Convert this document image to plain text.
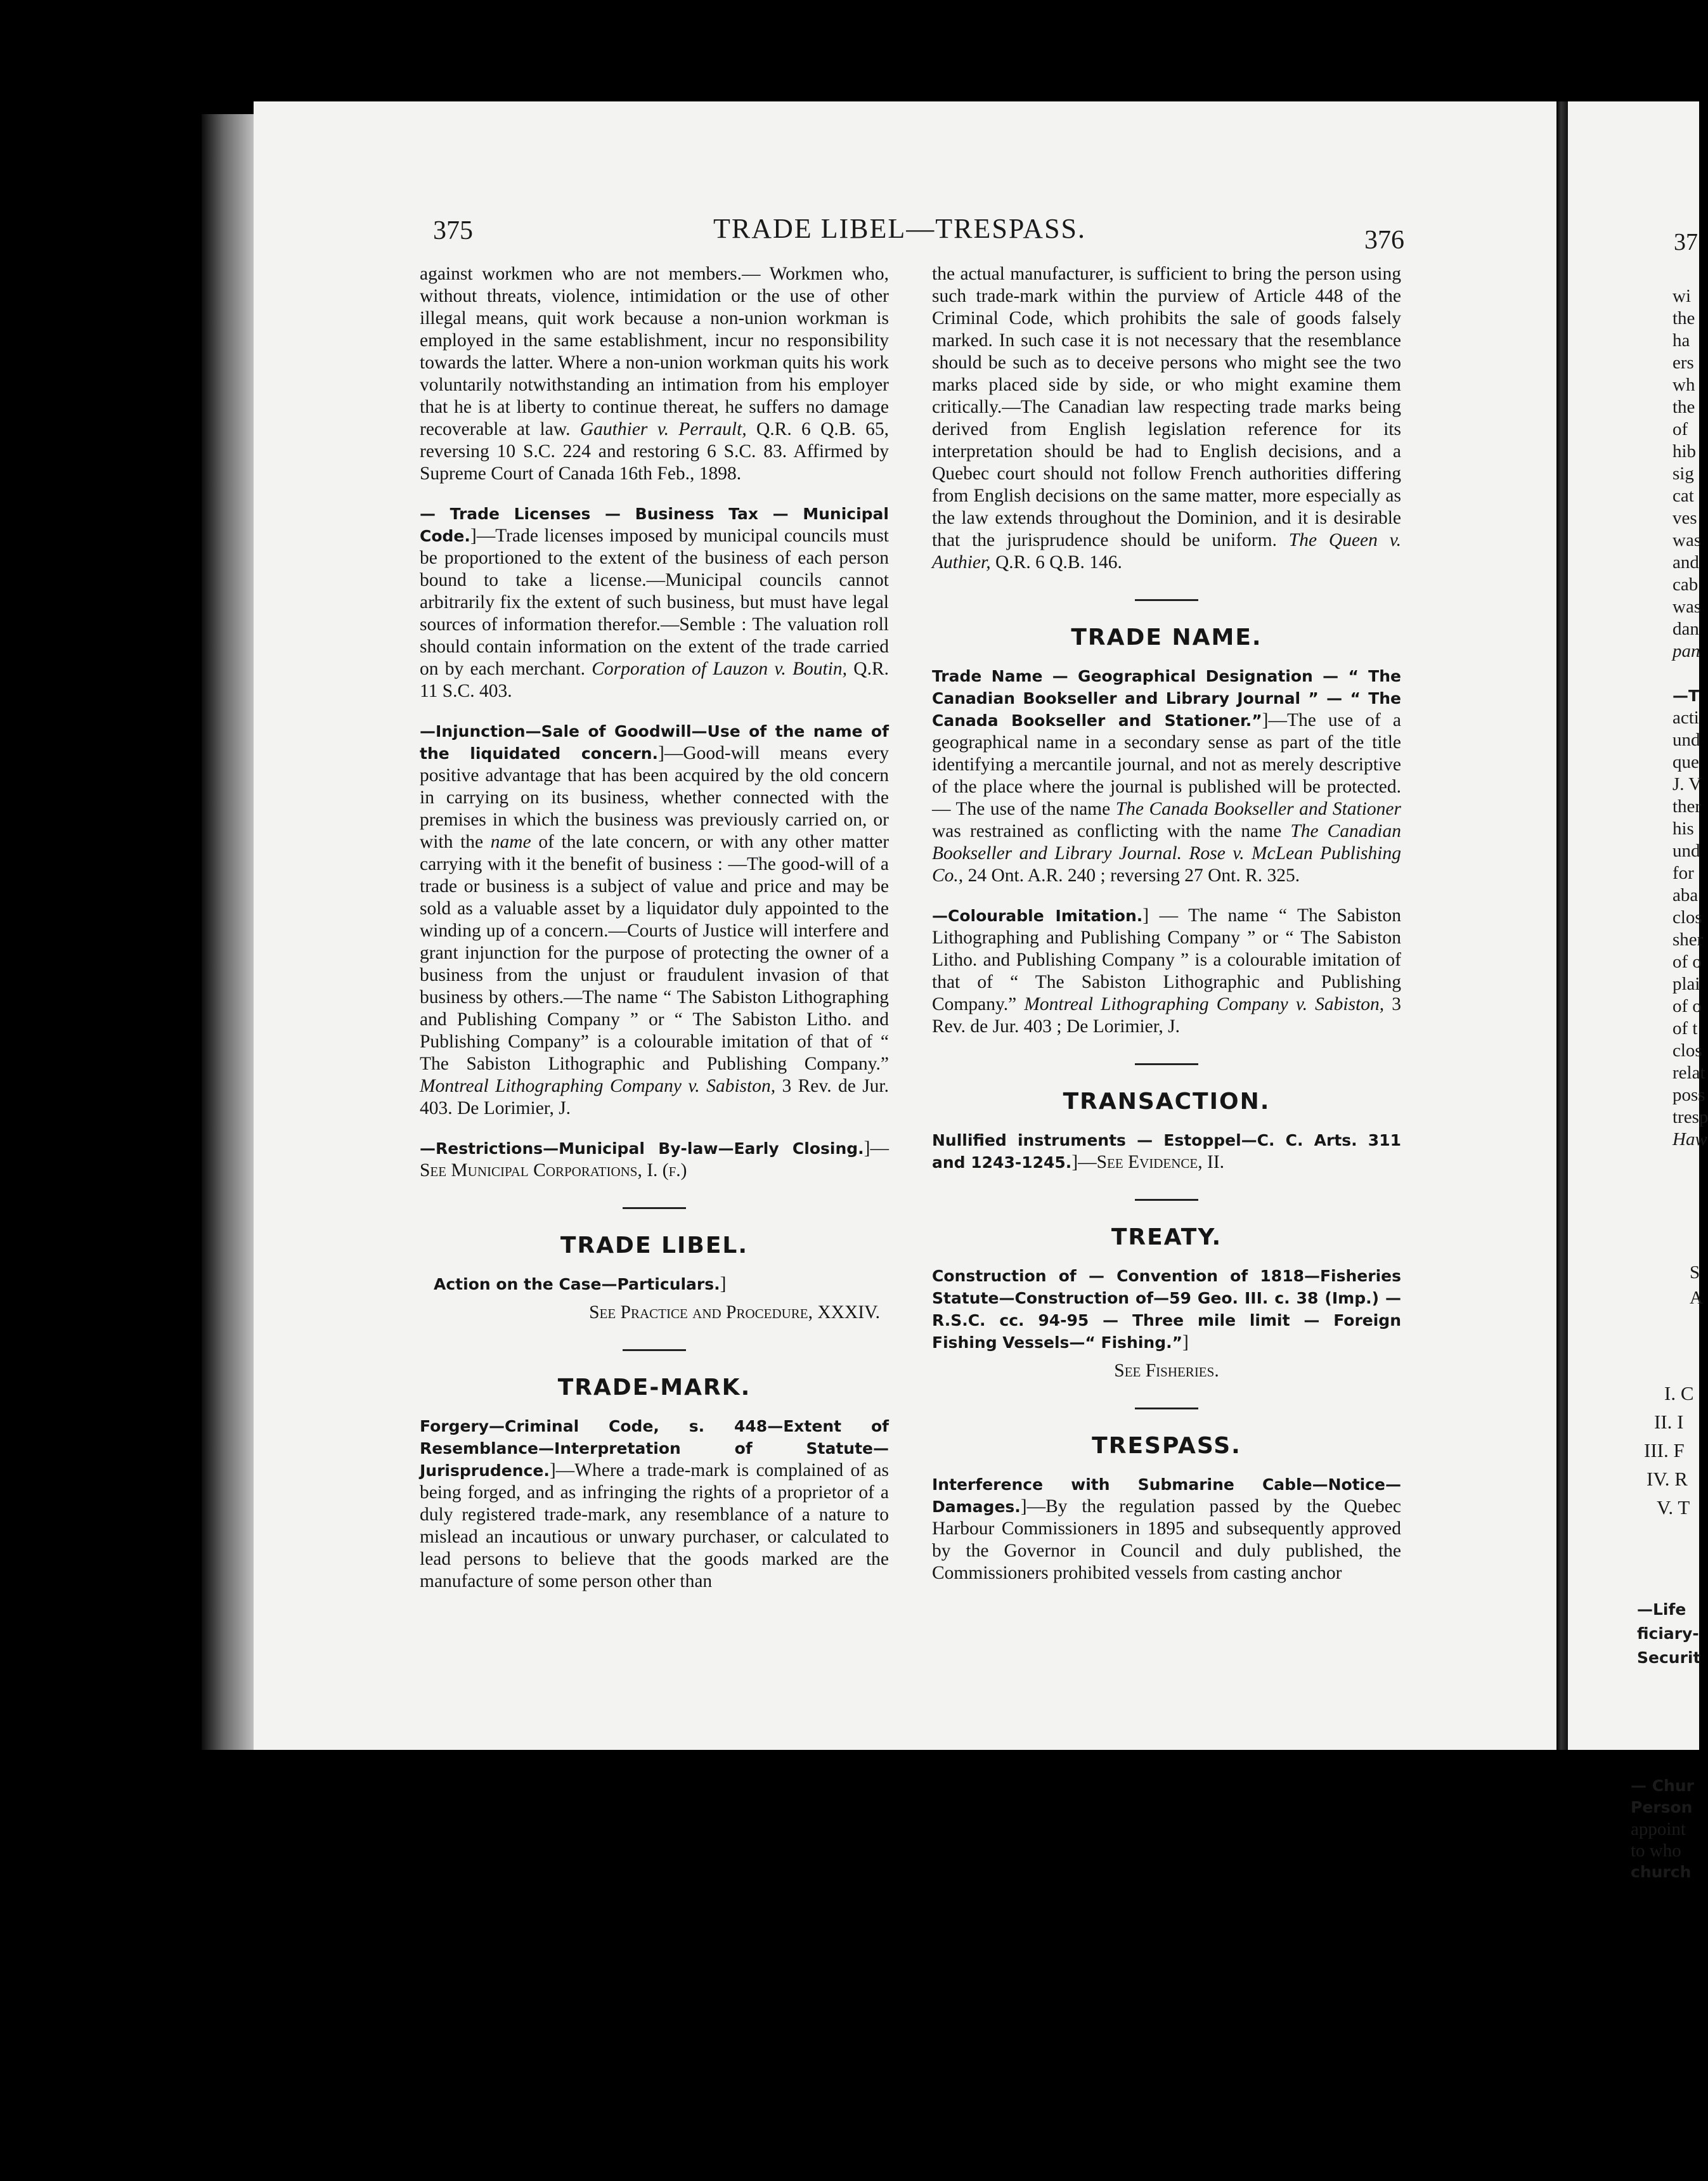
375	TRADE LIBEL—TRESPASS.	376	37

against workmen who are not members.— Workmen who, without threats, violence, intimidation or the use of other illegal means, quit work because a non-union workman is employed in the same establishment, incur no responsibility towards the latter. Where a non-union workman quits his work voluntarily notwithstanding an intimation from his employer that he is at liberty to continue thereat, he suffers no damage recoverable at law. Gauthier v. Perrault, Q.R. 6 Q.B. 65, reversing 10 S.C. 224 and restoring 6 S.C. 83. Affirmed by Supreme Court of Canada 16th Feb., 1898.

— Trade Licenses — Business Tax — Municipal Code.]—Trade licenses imposed by municipal councils must be proportioned to the extent of the business of each person bound to take a license.—Municipal councils cannot arbitrarily fix the extent of such business, but must have legal sources of information therefor.—Semble : The valuation roll should contain information on the extent of the trade carried on by each merchant. Corporation of Lauzon v. Boutin, Q.R. 11 S.C. 403.

—Injunction—Sale of Goodwill—Use of the name of the liquidated concern.]—Good-will means every positive advantage that has been acquired by the old concern in carrying on its business, whether connected with the premises in which the business was previously carried on, or with the name of the late concern, or with any other matter carrying with it the benefit of business : —The good-will of a trade or business is a subject of value and price and may be sold as a valuable asset by a liquidator duly appointed to the winding up of a concern.—Courts of Justice will interfere and grant injunction for the purpose of protecting the owner of a business from the unjust or fraudulent invasion of that business by others.—The name “ The Sabiston Lithographing and Publishing Company ” or “ The Sabiston Litho. and Publishing Company” is a colourable imitation of that of “ The Sabiston Lithographic and Publishing Company.” Montreal Lithographing Company v. Sabiston, 3 Rev. de Jur. 403. De Lorimier, J.

—Restrictions—Municipal By-law—Early Closing.]—See Municipal Corporations, I. (f.)

TRADE LIBEL.

Action on the Case—Particulars.]

See Practice and Procedure, XXXIV.

TRADE-MARK.

Forgery—Criminal Code, s. 448—Extent of Resemblance—Interpretation of Statute—Jurisprudence.]—Where a trade-mark is complained of as being forged, and as infringing the rights of a proprietor of a duly registered trade-mark, any resemblance of a nature to mislead an incautious or unwary purchaser, or calculated to lead persons to believe that the goods marked are the manufacture of some person other than

the actual manufacturer, is sufficient to bring the person using such trade-mark within the purview of Article 448 of the Criminal Code, which prohibits the sale of goods falsely marked. In such case it is not necessary that the resemblance should be such as to deceive persons who might see the two marks placed side by side, or who might examine them critically.—The Canadian law respecting trade marks being derived from English legislation reference for its interpretation should be had to English decisions, and a Quebec court should not follow French authorities differing from English decisions on the same matter, more especially as the law extends throughout the Dominion, and it is desirable that the jurisprudence should be uniform. The Queen v. Authier, Q.R. 6 Q.B. 146.

TRADE NAME.

Trade Name — Geographical Designation — “ The Canadian Bookseller and Library Journal ” — “ The Canada Bookseller and Stationer.”]—The use of a geographical name in a secondary sense as part of the title identifying a mercantile journal, and not as merely descriptive of the place where the journal is published will be protected. — The use of the name The Canada Bookseller and Stationer was restrained as conflicting with the name The Canadian Bookseller and Library Journal. Rose v. McLean Publishing Co., 24 Ont. A.R. 240 ; reversing 27 Ont. R. 325.

—Colourable Imitation.] — The name “ The Sabiston Lithographing and Publishing Company ” or “ The Sabiston Litho. and Publishing Company ” is a colourable imitation of that of “ The Sabiston Lithographic and Publishing Company.” Montreal Lithographing Company v. Sabiston, 3 Rev. de Jur. 403 ; De Lorimier, J.

TRANSACTION.

Nullified instruments — Estoppel—C. C. Arts. 311 and 1243-1245.]—See Evidence, II.

TREATY.

Construction of — Convention of 1818—Fisheries Statute—Construction of—59 Geo. III. c. 38 (Imp.) —R.S.C. cc. 94-95 — Three mile limit — Foreign Fishing Vessels—“ Fishing.”]

See Fisheries.

TRESPASS.

Interference with Submarine Cable—Notice—Damages.]—By the regulation passed by the Quebec Harbour Commissioners in 1895 and subsequently approved by the Governor in Council and duly published, the Commissioners prohibited vessels from casting anchor

wi
the
ha
ers
wh
the
of
hib
sig
cat
ves
was
and
cab
was
dan
pan
—T
acti
und
que
J. V
ther
his
und
for
aba
clos
sher
of o
plai
of o
of t
clos
relat
poss
tresp
Haw
S
A
I. C
II. I
III. F
IV. R
V. T
—Life
ficiary-
Securit
— Chur
Person
appoint
to who
church
